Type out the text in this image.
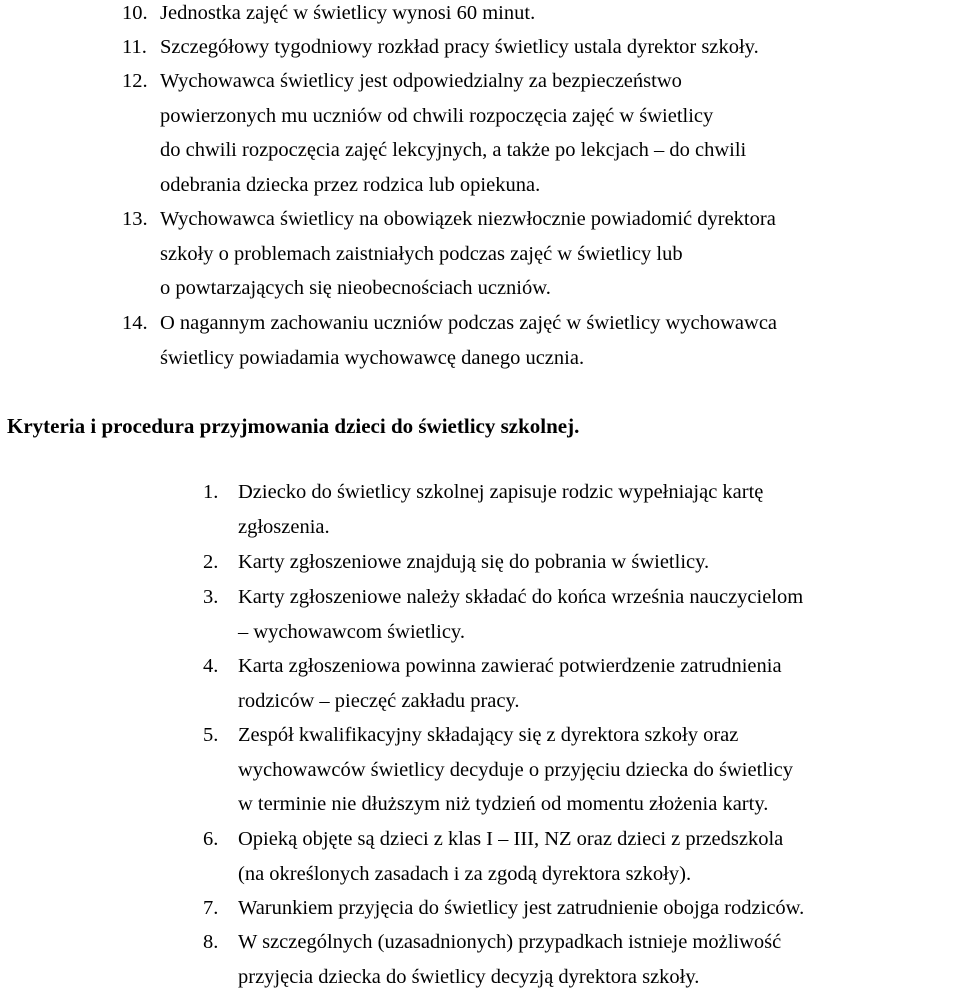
10. Jednostka zajęć w świetlicy wynosi 60 minut.
11. Szczegółowy tygodniowy rozkład pracy świetlicy ustala dyrektor szkoły.
12. Wychowawca świetlicy jest odpowiedzialny za bezpieczeństwo
powierzonych mu uczniów od chwili rozpoczęcia zajęć w świetlicy
do chwili rozpoczęcia zajęć lekcyjnych, a także po lekcjach – do chwili
odebrania dziecka przez rodzica lub opiekuna.
13. Wychowawca świetlicy na obowiązek niezwłocznie powiadomić dyrektora
szkoły o problemach zaistniałych podczas zajęć w świetlicy lub
o powtarzających się nieobecnościach uczniów.
14. O nagannym zachowaniu uczniów podczas zajęć w świetlicy wychowawca
świetlicy powiadamia wychowawcę danego ucznia.
Kryteria i procedura przyjmowania dzieci do świetlicy szkolnej.
1. Dziecko do świetlicy szkolnej zapisuje rodzic wypełniając kartę
zgłoszenia.
2. Karty zgłoszeniowe znajdują się do pobrania w świetlicy.
3. Karty zgłoszeniowe należy składać do końca września nauczycielom
– wychowawcom świetlicy.
4. Karta zgłoszeniowa powinna zawierać potwierdzenie zatrudnienia
rodziców – pieczęć zakładu pracy.
5. Zespół kwalifikacyjny składający się z dyrektora szkoły oraz
wychowawców świetlicy decyduje o przyjęciu dziecka do świetlicy
w terminie nie dłuższym niż tydzień od momentu złożenia karty.
6. Opieką objęte są dzieci z klas I – III, NZ oraz dzieci z przedszkola
(na określonych zasadach i za zgodą dyrektora szkoły).
7. Warunkiem przyjęcia do świetlicy jest zatrudnienie obojga rodziców.
8. W szczególnych (uzasadnionych) przypadkach istnieje możliwość
przyjęcia dziecka do świetlicy decyzją dyrektora szkoły.
